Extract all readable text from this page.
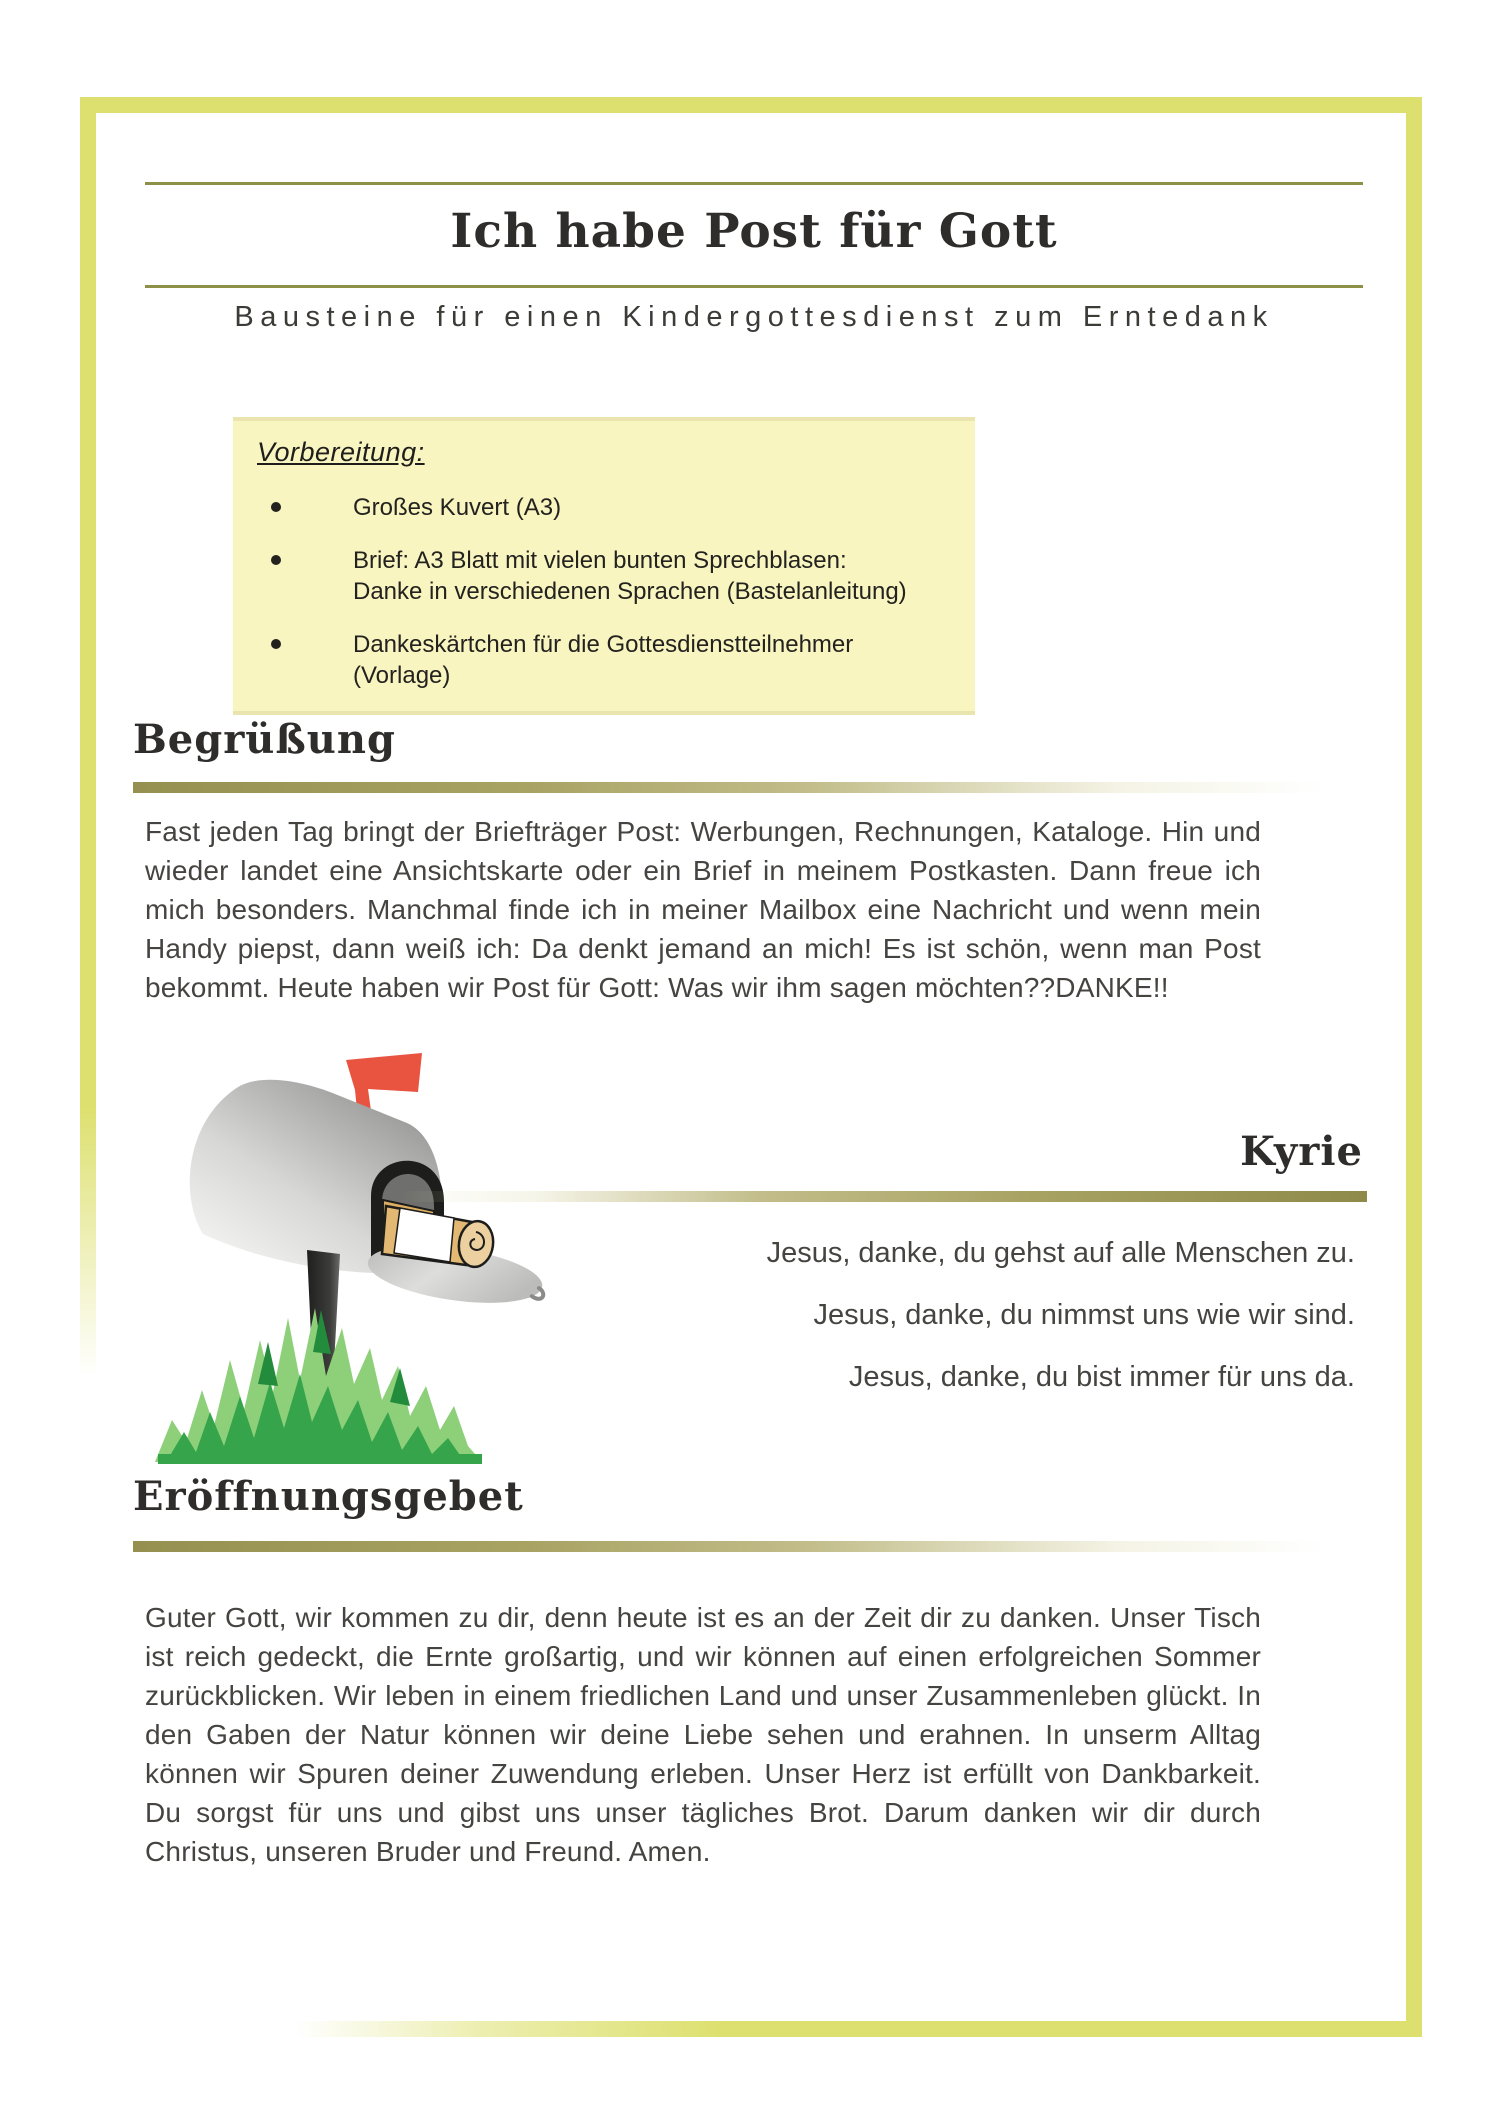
Ich habe Post für Gott
Bausteine für einen Kindergottesdienst zum Erntedank
Vorbereitung:
Großes Kuvert (A3)
Brief: A3 Blatt mit vielen bunten Sprechblasen: Danke in verschiedenen Sprachen (Bastelanleitung)
Dankeskärtchen für die Gottesdienstteilnehmer (Vorlage)
Begrüßung

Fast jeden Tag bringt der Briefträger Post: Werbungen, Rechnungen, Kataloge. Hin und wieder landet eine Ansichtskarte oder ein Brief in meinem Postkasten. Dann freue ich mich besonders. Manchmal finde ich in meiner Mailbox eine Nachricht und wenn mein Handy piepst, dann weiß ich: Da denkt jemand an mich! Es ist schön, wenn man Post bekommt. Heute haben wir Post für Gott: Was wir ihm sagen möchten??DANKE!!

Kyrie
Jesus, danke, du gehst auf alle Menschen zu.
Jesus, danke, du nimmst uns wie wir sind.
Jesus, danke, du bist immer für uns da.
Eröffnungsgebet

Guter Gott, wir kommen zu dir, denn heute ist es an der Zeit dir zu danken. Unser Tisch ist reich gedeckt, die Ernte großartig, und wir können auf einen erfolgreichen Sommer zurückblicken. Wir leben in einem friedlichen Land und unser Zusammenleben glückt. In den Gaben der Natur können wir deine Liebe sehen und erahnen. In unserm Alltag können wir Spuren deiner Zuwendung erleben. Unser Herz ist erfüllt von Dankbarkeit. Du sorgst für uns und gibst uns unser tägliches Brot. Darum danken wir dir durch Christus, unseren Bruder und Freund. Amen.
